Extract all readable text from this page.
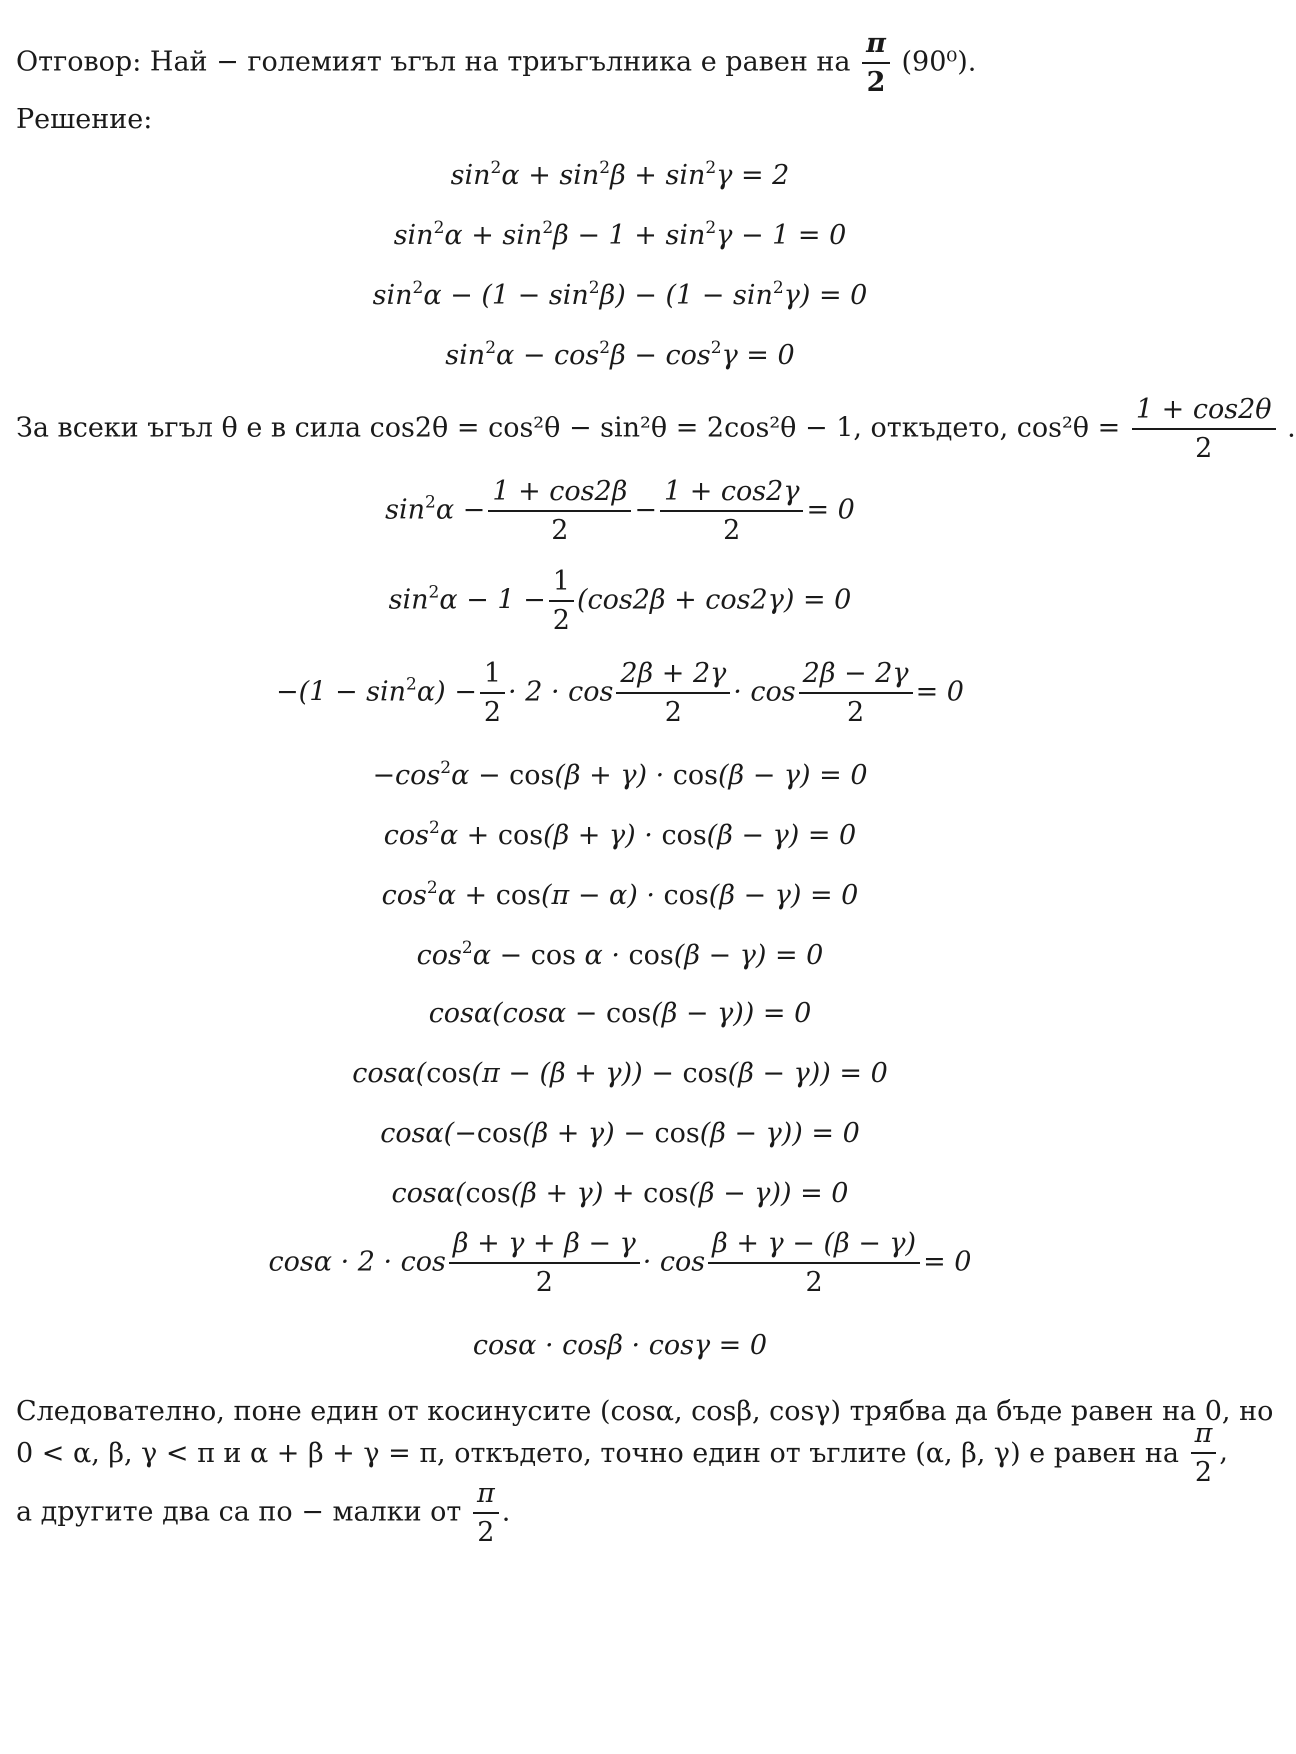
Отговор: Най − големият ъгъл на триъгълника е равен на $\frac{\pi}{2} (90^0)$.
Решение:
$\sin^2\alpha + \sin^2\beta + \sin^2\gamma = 2$
$\sin^2\alpha + \sin^2\beta - 1 + \sin^2\gamma - 1 = 0$
$\sin^2\alpha - (1 - \sin^2\beta) - (1 - \sin^2\gamma) = 0$
$\sin^2\alpha - \cos^2\beta - \cos^2\gamma = 0$
За всеки ъгъл θ е в сила cos2θ = cos²θ − sin²θ = 2cos²θ − 1, откъдето, $\cos^2\theta = \frac{1 + \cos 2\theta}{2}$ .
$\sin^2\alpha - \frac{1 + \cos 2\beta}{2} - \frac{1 + \cos 2\gamma}{2} = 0$
$\sin^2\alpha - 1 - \frac{1}{2} (\cos 2\beta + \cos 2\gamma) = 0$
$-(1 - \sin^2\alpha) - \frac{1}{2} \cdot 2 \cdot \cos \frac{2\beta + 2\gamma}{2} \cdot \cos \frac{2\beta - 2\gamma}{2} = 0$
$-\cos^2\alpha - \cos(\beta + \gamma) \cdot \cos(\beta - \gamma) = 0$
$\cos^2\alpha + \cos(\beta + \gamma) \cdot \cos(\beta - \gamma) = 0$
$\cos^2\alpha + \cos(\pi - \alpha) \cdot \cos(\beta - \gamma) = 0$
$\cos^2\alpha - \cos \alpha \cdot \cos(\beta - \gamma) = 0$
cosα(cosα − cos(β − γ)) = 0
cosα(cos(π − (β + γ)) − cos(β − γ)) = 0
cosα(−cos(β + γ) − cos(β − γ)) = 0
cosα(cos(β + γ) + cos(β − γ)) = 0
$\cos\alpha \cdot 2 \cdot \cos \frac{\beta + \gamma + \beta - \gamma}{2} \cdot \cos \frac{\beta + \gamma - (\beta - \gamma)}{2} = 0$
cosα · cosβ · cosγ = 0
Следователно, поне един от косинусите (cosα, cosβ, cosγ) трябва да бъде равен на 0, но
0 < α, β, γ < π и α + β + γ = π, откъдето, точно един от ъглите (α, β, γ) е равен на $\frac{\pi}{2}$ ,
а другите два са по − малки от $\frac{\pi}{2}$ .
